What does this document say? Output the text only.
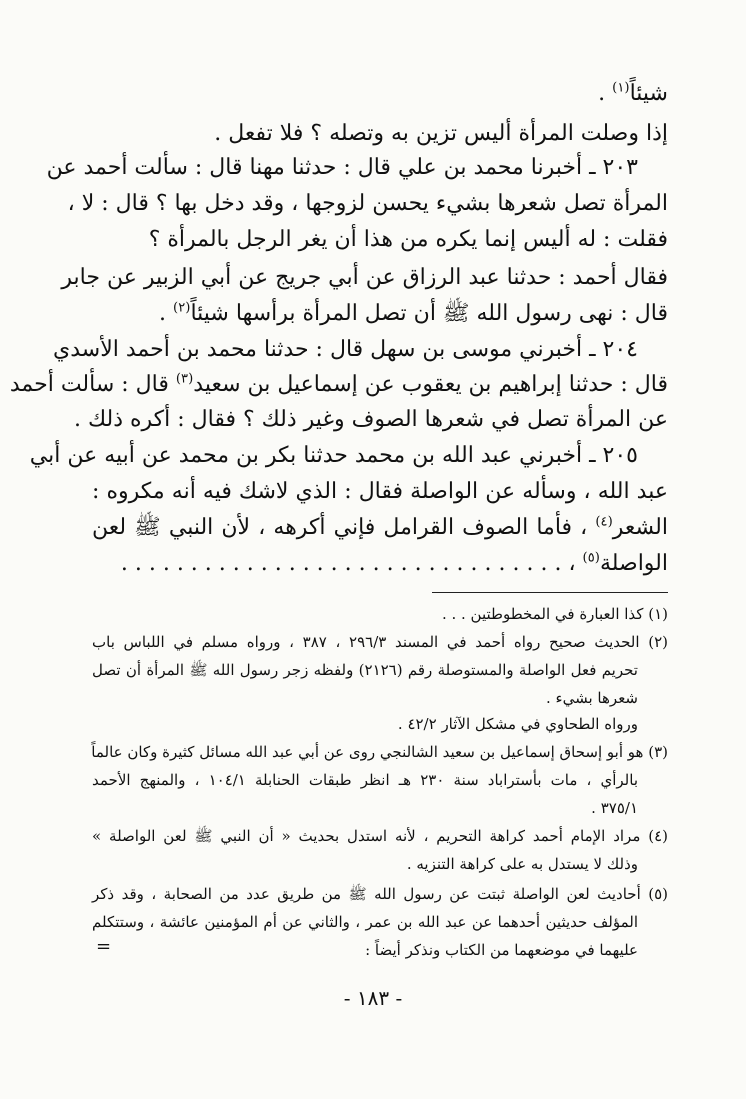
شيئاً$^{(١)}$ .
إذا وصلت المرأة أليس تزين به وتصله ؟ فلا تفعل .
٢٠٣ ـ أخبرنا محمد بن علي قال : حدثنا مهنا قال : سألت أحمد عن
المرأة تصل شعرها بشيء يحسن لزوجها ، وقد دخل بها ؟ قال : لا ،
فقلت : له أليس إنما يكره من هذا أن يغر الرجل بالمرأة ؟
فقال أحمد : حدثنا عبد الرزاق عن أبي جريج عن أبي الزبير عن جابر
قال : نهى رسول الله ﷺ أن تصل المرأة برأسها شيئاً$^{(٢)}$ .
٢٠٤ ـ أخبرني موسى بن سهل قال : حدثنا محمد بن أحمد الأسدي
قال : حدثنا إبراهيم بن يعقوب عن إسماعيل بن سعيد$^{(٣)}$ قال : سألت أحمد
عن المرأة تصل في شعرها الصوف وغير ذلك ؟ فقال : أكره ذلك .
٢٠٥ ـ أخبرني عبد الله بن محمد حدثنا بكر بن محمد عن أبيه عن أبي
عبد الله ، وسأله عن الواصلة فقال : الذي لاشك فيه أنه مكروه :
الشعر$^{(٤)}$ ، فأما الصوف القرامل فإني أكرهه ، لأن النبي ﷺ لعن
الواصلة$^{(٥)}$ ، . . . . . . . . . . . . . . . . . . . . . . . . . . . . . . . .
(١) كذا العبارة في المخطوطتين . . .
(٢) الحديث صحيح رواه أحمد في المسند ٢٩٦/٣ ، ٣٨٧ ، ورواه مسلم في اللباس باب
تحريم فعل الواصلة والمستوصلة رقم (٢١٢٦) ولفظه زجر رسول الله ﷺ المرأة أن تصل
شعرها بشيء .
ورواه الطحاوي في مشكل الآثار ٤٢/٢ .
(٣) هو أبو إسحاق إسماعيل بن سعيد الشالنجي روى عن أبي عبد الله مسائل كثيرة وكان عالماً
بالرأي ، مات بأستراباد سنة ٢٣٠ هـ انظر طبقات الحنابلة ١٠٤/١ ، والمنهج الأحمد
٣٧٥/١ .
(٤) مراد الإمام أحمد كراهة التحريم ، لأنه استدل بحديث « أن النبي ﷺ لعن الواصلة »
وذلك لا يستدل به على كراهة التنزيه .
(٥) أحاديث لعن الواصلة ثبتت عن رسول الله ﷺ من طريق عدد من الصحابة ، وقد ذكر
المؤلف حديثين أحدهما عن عبد الله بن عمر ، والثاني عن أم المؤمنين عائشة ، وستتكلم
عليهما في موضعهما من الكتاب ونذكر أيضاً :
=
- ١٨٣ -
